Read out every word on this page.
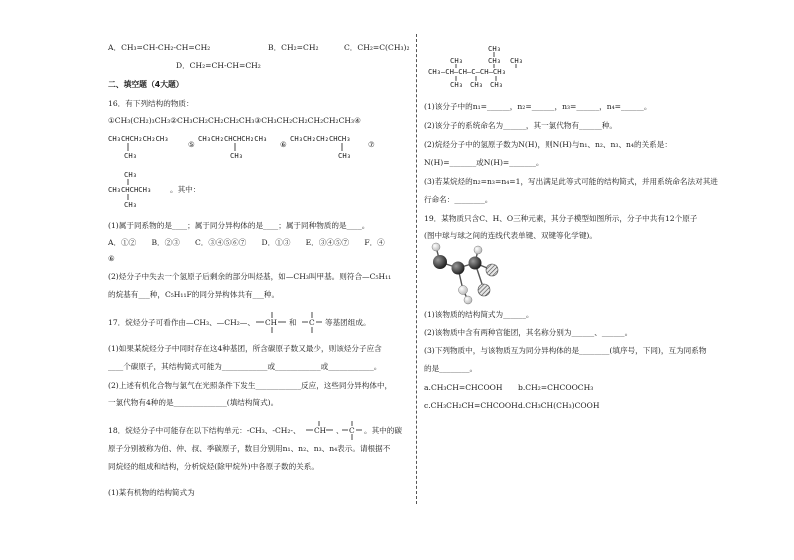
A．CH₃=CH-CH₂-CH=CH₂	B．CH₂=CH₂	C．CH₂=C(CH₃)₂
D．CH₂=CH-CH=CH₂
二、填空题（4大题）
16．有下列结构的物质：
①CH₃(CH₂)₃CH₃②CH₃CH₂CH₂CH₂CH₃③CH₃CH₂CH₂CH₂CH₂CH₃④
CH₃CHCH₂CH₂CH₃
CH₃
⑤
CH₃CH₂CHCHCH₂CH₃
CH₃
⑥
CH₃CH₂CH₂CHCH₃
CH₃
⑦
CH₃
CH₃CHCHCH₃ 。其中：
CH₃
(1)属于同系物的是____；属于同分异构体的是____；属于同种物质的是____。
A．①②　　B．②③　　C．③④⑤⑥⑦　　D．①③　　E．③④⑤⑦　　F．④
⑥
(2)烃分子中失去一个氢原子后剩余的部分叫烃基，如—CH₃叫甲基。则符合—C₅H₁₁
的烷基有___种，C₅H₁₁F的同分异构体共有___种。
17．烷烃分子可看作由—CH₃、—CH₂—、 CH	C
和	等基团组成。
(1)如果某烷烃分子中同时存在这4种基团，所含碳原子数又最少，则该烃分子应含
____个碳原子，其结构简式可能为____________或____________或____________。
(2)上述有机化合物与氯气在光照条件下发生____________反应，这些同分异构体中，
一氯代物有4种的是______________(填结构简式)。
18．烷烃分子中可能存在以下结构单元：-CH₃、-CH₂-、 CH	C
、	。其中的碳
原子分别被称为伯、仲、叔、季碳原子，数目分别用n₁、n₂、n₃、n₄表示。请根据不
同烷烃的组成和结构，分析烷烃(除甲烷外)中各原子数的关系。
(1)某有机物的结构简式为
CH₃
CH₃	CH₃ CH₃
CH₃—CH—CH—C—CH—CH₃
CH₃ CH₃ CH₃
(1)该分子中的n₁=______，n₂=______，n₃=______，n₄=______。
(2)该分子的系统命名为______，其一氯代物有______种。
(2)烷烃分子中的氢原子数为N(H)，则N(H)与n₁、n₂、n₃、n₄的关系是：
N(H)=_______或N(H)=_______。
(3)若某烷烃的n₂=n₃=n₄=1，写出满足此等式可能的结构简式，并用系统命名法对其进
行命名：________。
19．某物质只含C、H、O三种元素，其分子模型如图所示，分子中共有12个原子
(图中球与球之间的连线代表单键、双键等化学键)。
(1)该物质的结构简式为______。
(2)该物质中含有两种官能团，其名称分别为______、______。
(3)下列物质中，与该物质互为同分异构体的是________(填序号，下同)，互为同系物
的是________。
a.CH₃CH=CHCOOH b.CH₂=CHCOOCH₃
c.CH₃CH₂CH=CHCOOH d.CH₃CH(CH₃)COOH
